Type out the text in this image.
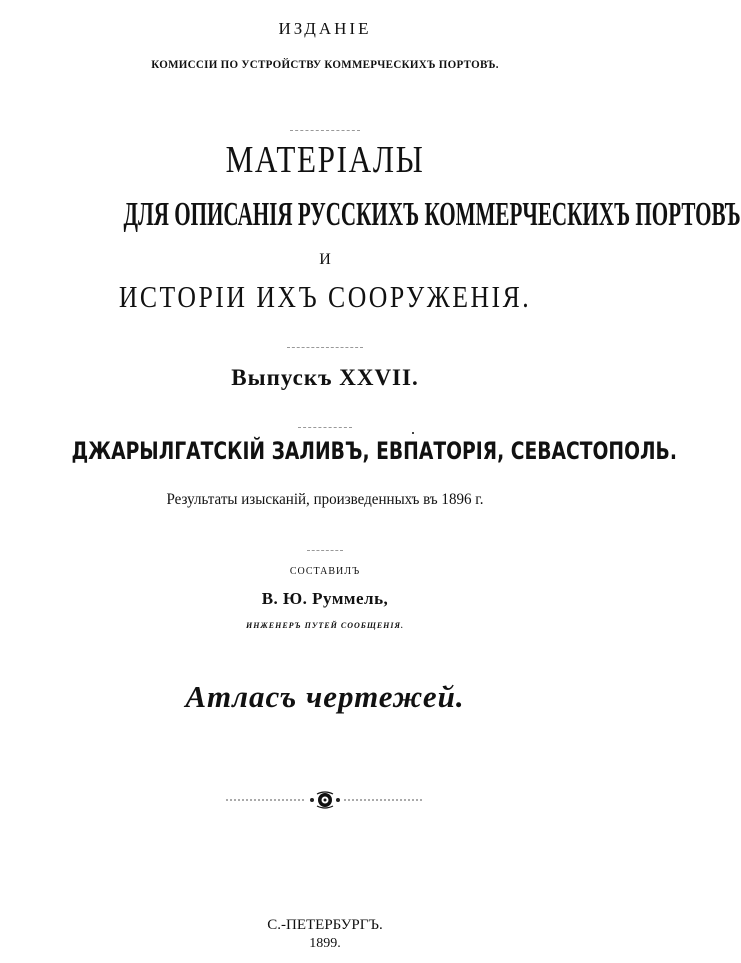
ИЗДАНІЕ
КОМИССІИ ПО УСТРОЙСТВУ КОММЕРЧЕСКИХЪ ПОРТОВЪ.
МАТЕРІАЛЫ
ДЛЯ ОПИСАНІЯ РУССКИХЪ КОММЕРЧЕСКИХЪ ПОРТОВЪ
И
ИСТОРІИ ИХЪ СООРУЖЕНІЯ.
Выпускъ XXVII.
ДЖАРЫЛГАТСКІЙ ЗАЛИВЪ, ЕВПАТОРІЯ, СЕВАСТОПОЛЬ.
Результаты изысканій, произведенныхъ въ 1896 г.
СОСТАВИЛЪ
В. Ю. Руммель,
ИНЖЕНЕРЪ ПУТЕЙ СООБЩЕНІЯ.
Атласъ чертежей.
С.-ПЕТЕРБУРГЪ.
1899.
